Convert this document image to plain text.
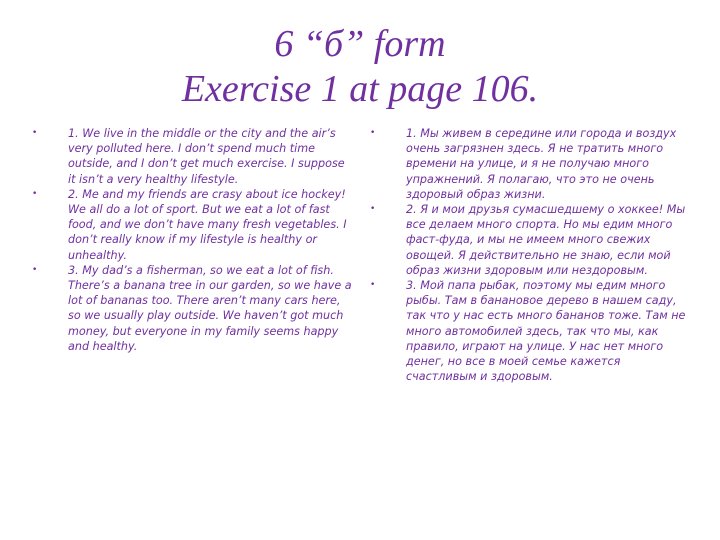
6 “б” form
Exercise 1 at page 106.
•	1. We live in the middle or the city and the air’s very polluted here. I don’t spend much time outside, and I don’t get much exercise. I suppose it isn’t a very healthy lifestyle.
•	2. Me and my friends are crasy about ice hockey! We all do a lot of sport. But we eat a lot of fast food, and we don’t have many fresh vegetables. I don’t really know if my lifestyle is healthy or unhealthy.
•	3. My dad’s a fisherman, so we eat a lot of fish. There’s a banana tree in our garden, so we have a lot of bananas too. There aren’t many cars here, so we usually play outside. We haven’t got much money, but everyone in my family seems happy and healthy.
•	1. Мы живем в середине или города и воздух очень загрязнен здесь. Я не тратить много времени на улице, и я не получаю много упражнений. Я полагаю, что это не очень здоровый образ жизни.
•	2. Я и мои друзья сумасшедшему о хоккее! Мы все делаем много спорта. Но мы едим много фаст-фуда, и мы не имеем много свежих овощей. Я действительно не знаю, если мой образ жизни здоровым или нездоровым.
•	3. Мой папа рыбак, поэтому мы едим много рыбы. Там в банановое дерево в нашем саду, так что у нас есть много бананов тоже. Там не много автомобилей здесь, так что мы, как правило, играют на улице. У нас нет много денег, но все в моей семье кажется счастливым и здоровым.
